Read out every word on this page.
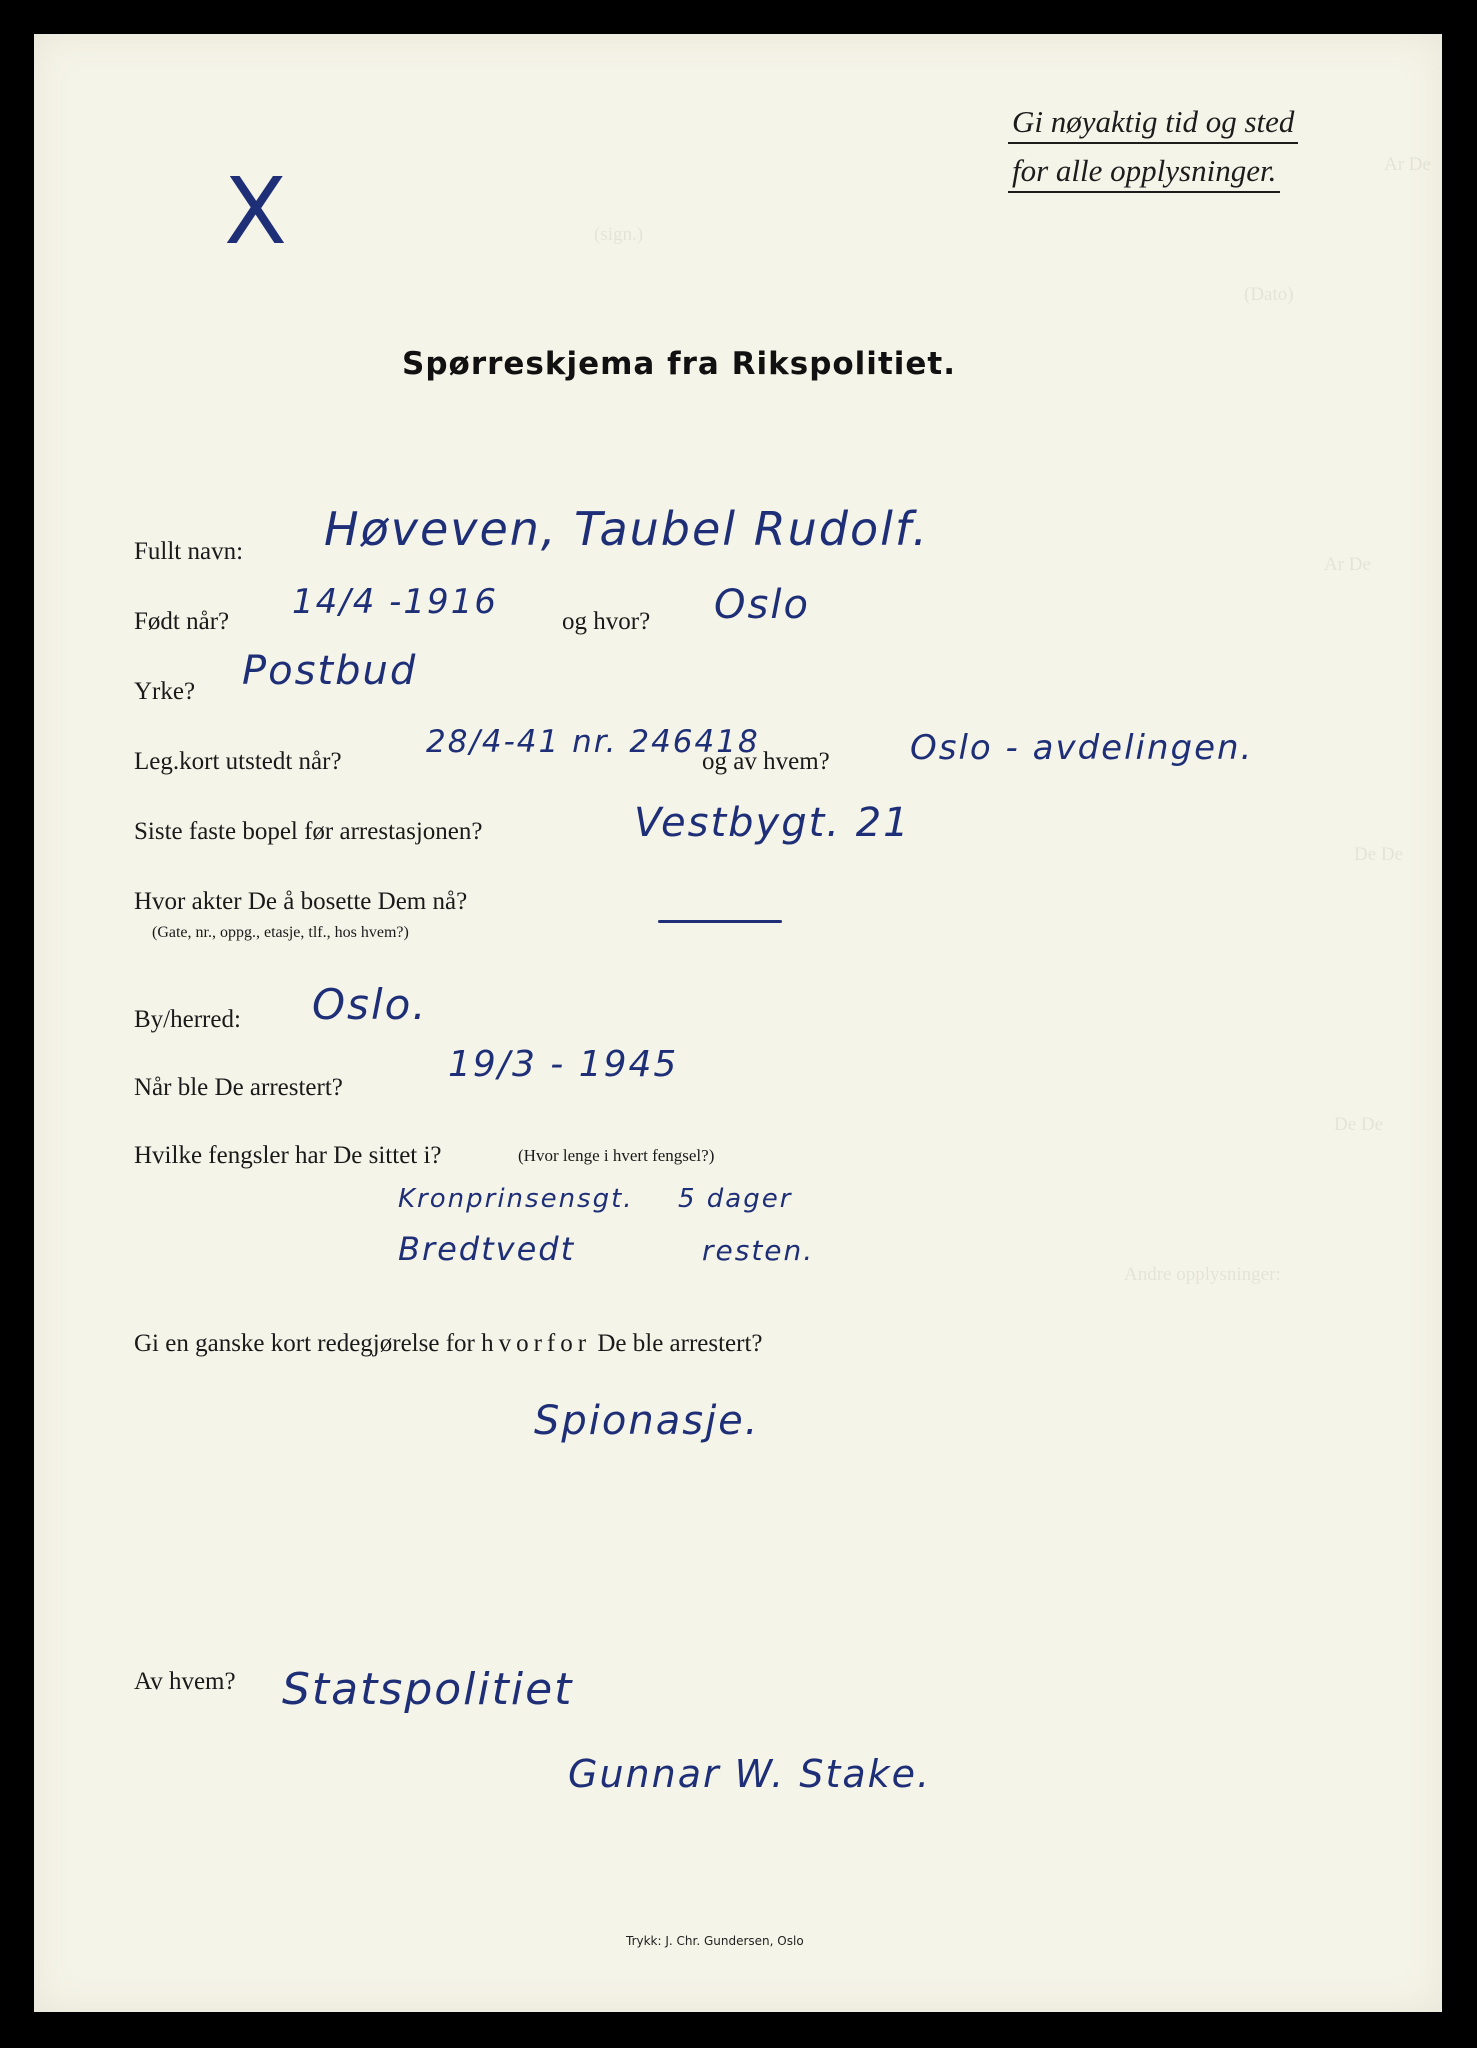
Ar De
(sign.)
(Dato)
Ar De
De De
De De
Andre opplysninger:
Gi nøyaktig tid og sted
for alle opplysninger.
X
Spørreskjema fra Rikspolitiet.
Fullt navn: Høveven, Taubel Rudolf.
Født når? 14/4 -1916	og hvor? Oslo
Yrke? Postbud
Leg.kort utstedt når?
28/4-41 nr. 246418
og av hvem? Oslo - avdelingen.
Siste faste bopel før arrestasjonen?	Vestbygt. 21
Hvor akter De å bosette Dem nå?
(Gate, nr., oppg., etasje, tlf., hos hvem?)
By/herred: Oslo.
Når ble De arrestert?
19/3 - 1945
Hvilke fengsler har De sittet i?	(Hvor lenge i hvert fengsel?)
Kronprinsensgt. 5 dager
Bredtvedt	resten.
Gi en ganske kort redegjørelse for hvorfor De ble arrestert?
Spionasje.
Av hvem? Statspolitiet
Gunnar W. Stake.
Trykk: J. Chr. Gundersen, Oslo
